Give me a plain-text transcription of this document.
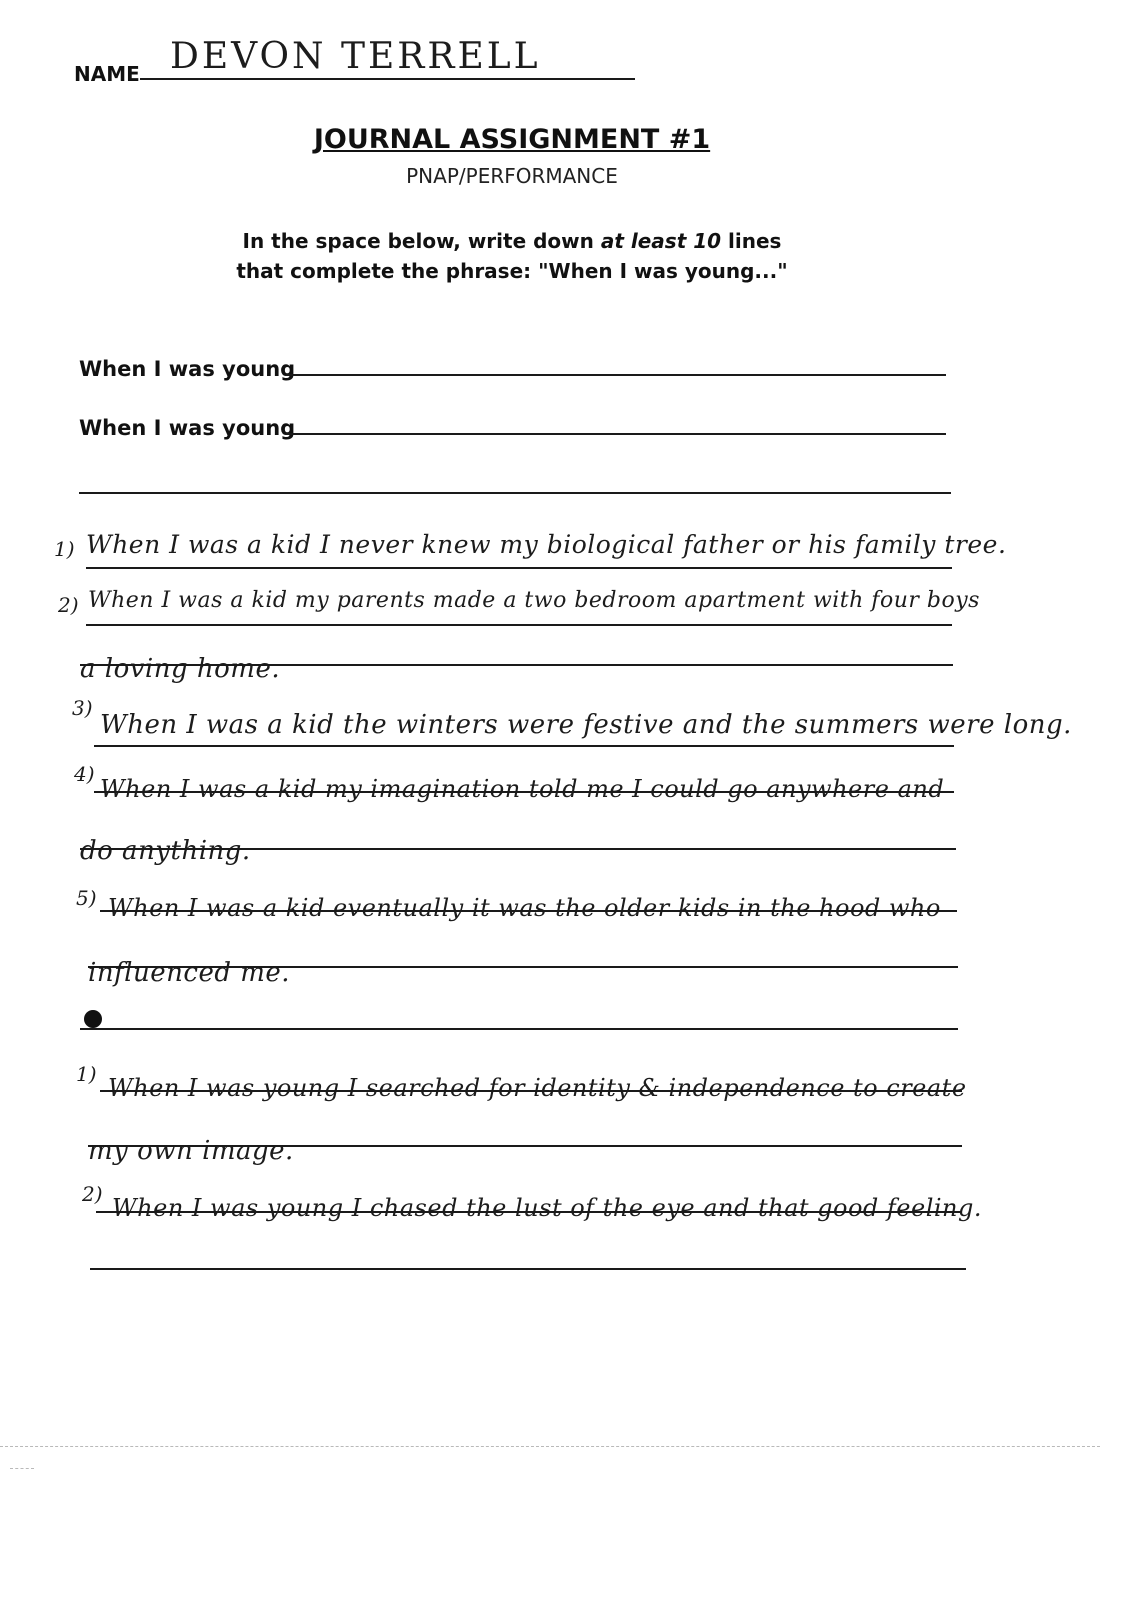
NAME DEVON TERRELL
JOURNAL ASSIGNMENT #1
PNAP/PERFORMANCE
In the space below, write down at least 10 lines
that complete the phrase: "When I was young..."
When I was young
When I was young
1) When I was a kid I never knew my biological father or his family tree.
2) When I was a kid my parents made a two bedroom apartment with four boys
a loving home.
3)
When I was a kid the winters were festive and the summers were long.
4)
When I was a kid my imagination told me I could go anywhere and
do anything.
5) When I was a kid eventually it was the older kids in the hood who
influenced me.
1) When I was young I searched for identity & independence to create
my own image.
2) When I was young I chased the lust of the eye and that good feeling.
